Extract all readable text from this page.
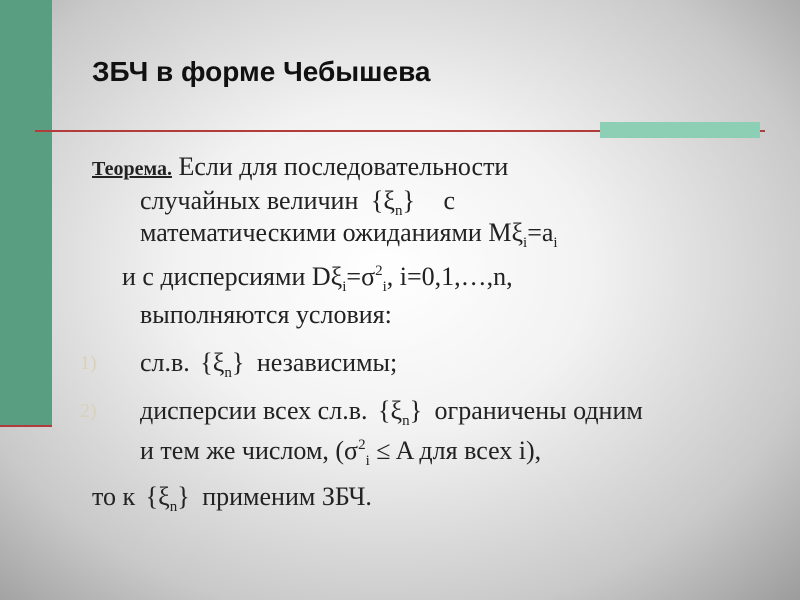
ЗБЧ в форме Чебышева
Теорема. Если для последовательности
случайных величин $\{\xi_n\}$ с
математическими ожиданиями $M\xi_i=a_i$
и с дисперсиями $D\xi_i=\sigma^2_i$, i=0,1,…,n,
выполняются условия:
1) сл.в. $\{\xi_n\}$ независимы;
2) дисперсии всех сл.в. $\{\xi_n\}$ ограничены одним
и тем же числом, ($\sigma^2_i \le A$ для всех i),
то к $\{\xi_n\}$ применим ЗБЧ.
